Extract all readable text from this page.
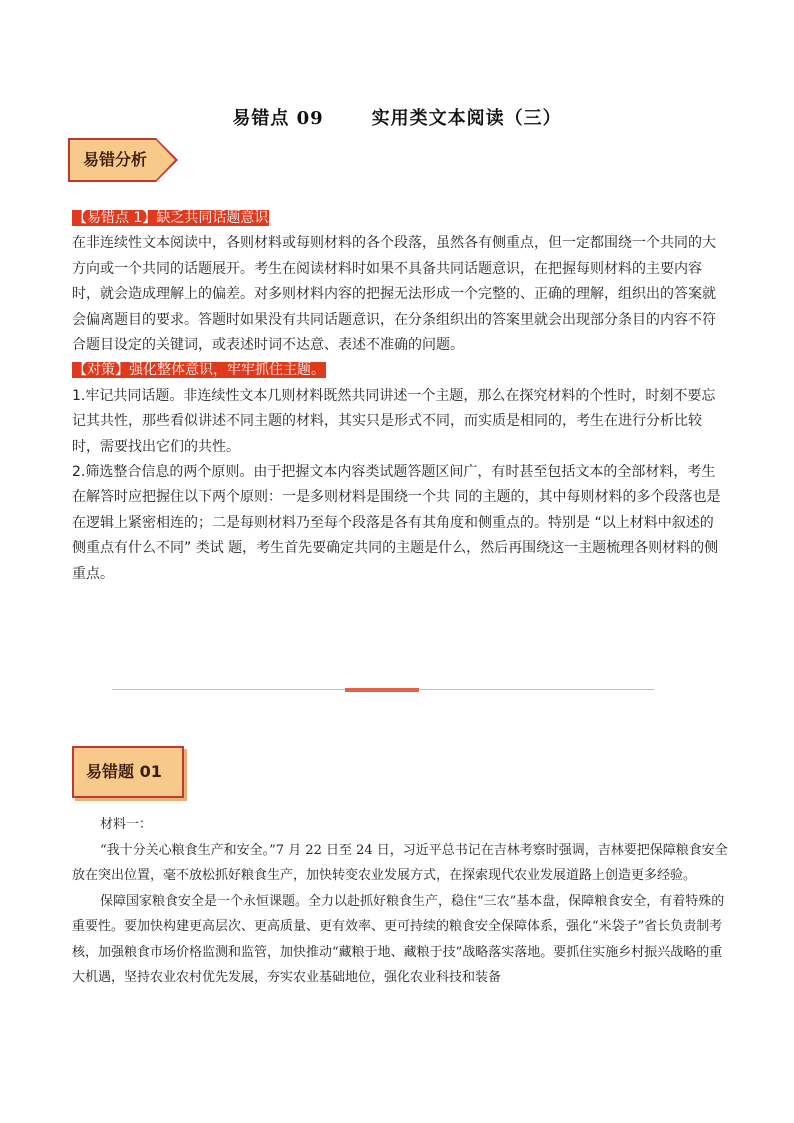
易错点 09	实用类文本阅读（三）
易错分析

【易错点 1】缺乏共同话题意识

在非连续性文本阅读中，各则材料或每则材料的各个段落，虽然各有侧重点，但一定都围绕一个共同的大方向或一个共同的话题展开。考生在阅读材料时如果不具备共同话题意识，在把握每则材料的主要内容时，就会造成理解上的偏差。对多则材料内容的把握无法形成一个完整的、正确的理解，组织出的答案就会偏离题目的要求。答题时如果没有共同话题意识，在分条组织出的答案里就会出现部分条目的内容不符合题目设定的关键词，或表述时词不达意、表述不准确的问题。

【对策】强化整体意识，牢牢抓住主题。

1.牢记共同话题。非连续性文本几则材料既然共同讲述一个主题，那么在探究材料的个性时，时刻不要忘记其共性，那些看似讲述不同主题的材料，其实只是形式不同，而实质是相同的，考生在进行分析比较时，需要找出它们的共性。

2.筛选整合信息的两个原则。由于把握文本内容类试题答题区间广，有时甚至包括文本的全部材料，考生在解答时应把握住以下两个原则：一是多则材料是围绕一个共 同的主题的，其中每则材料的多个段落也是在逻辑上紧密相连的；二是每则材料乃至每个段落是各有其角度和侧重点的。特别是 “以上材料中叙述的侧重点有什么不同” 类试 题，考生首先要确定共同的主题是什么，然后再围绕这一主题梳理各则材料的侧重点。

易错题 01

材料一：

“我十分关心粮食生产和安全。”7 月 22 日至 24 日，习近平总书记在吉林考察时强调，吉林要把保障粮食安全放在突出位置，毫不放松抓好粮食生产，加快转变农业发展方式，在探索现代农业发展道路上创造更多经验。

保障国家粮食安全是一个永恒课题。全力以赴抓好粮食生产，稳住“三农”基本盘，保障粮食安全，有着特殊的重要性。要加快构建更高层次、更高质量、更有效率、更可持续的粮食安全保障体系，强化“米袋子”省长负责制考核，加强粮食市场价格监测和监管，加快推动“藏粮于地、藏粮于技”战略落实落地。要抓住实施乡村振兴战略的重大机遇，坚持农业农村优先发展，夯实农业基础地位，强化农业科技和装备
